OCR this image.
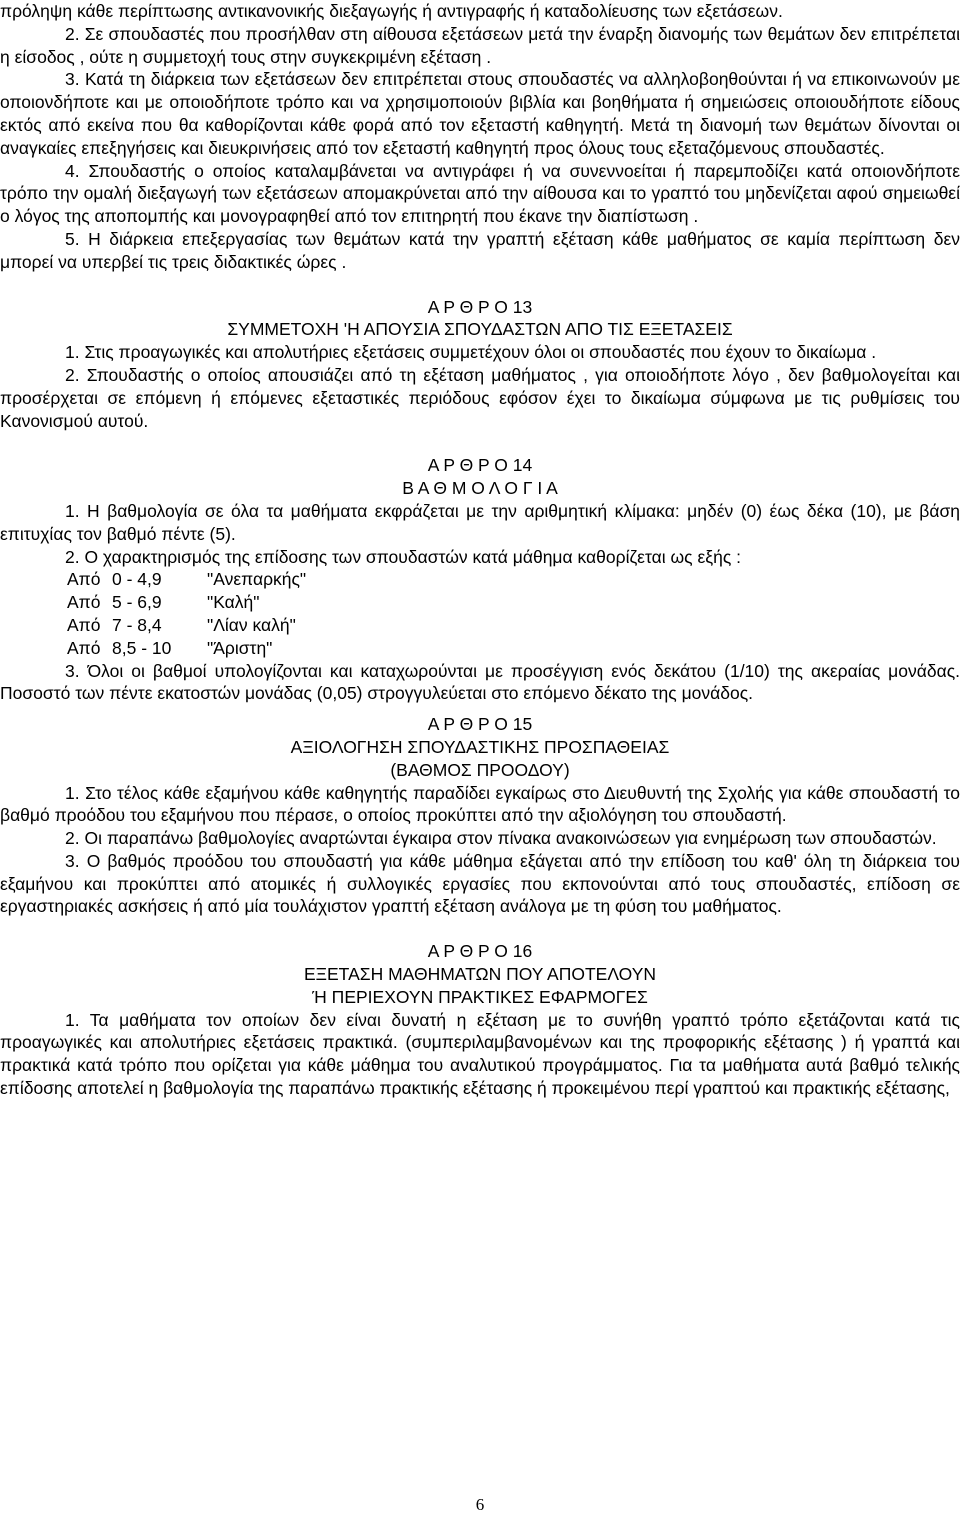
πρόληψη κάθε περίπτωσης αντικανονικής διεξαγωγής ή αντιγραφής ή καταδολίευσης των εξετάσεων.

2. Σε σπουδαστές που προσήλθαν στη αίθουσα εξετάσεων μετά την έναρξη διανομής των θεμάτων δεν επιτρέπεται η είσοδος , ούτε η συμμετοχή τους στην συγκεκριμένη εξέταση .

3. Κατά τη διάρκεια των εξετάσεων δεν επιτρέπεται στους σπουδαστές να αλληλοβοηθούνται ή να επικοινωνούν με οποιονδήποτε και με οποιοδήποτε τρόπο και να χρησιμοποιούν βιβλία και βοηθήματα ή σημειώσεις οποιουδήποτε είδους εκτός από εκείνα που θα καθορίζονται κάθε φορά από τον εξεταστή καθηγητή. Μετά τη διανομή των θεμάτων δίνονται οι αναγκαίες επεξηγήσεις και διευκρινήσεις από τον εξεταστή καθηγητή προς όλους τους εξεταζόμενους σπουδαστές.

4. Σπουδαστής ο οποίος καταλαμβάνεται να αντιγράφει ή να συνεννοείται ή παρεμποδίζει κατά οποιονδήποτε τρόπο την ομαλή διεξαγωγή των εξετάσεων απομακρύνεται από την αίθουσα και το γραπτό του μηδενίζεται αφού σημειωθεί ο λόγος της αποπομπής και μονογραφηθεί από τον επιτηρητή που έκανε την διαπίστωση .

5. Η διάρκεια επεξεργασίας των θεμάτων κατά την γραπτή εξέταση κάθε μαθήματος σε καμία περίπτωση δεν μπορεί να υπερβεί τις τρεις διδακτικές ώρες .

Α Ρ Θ Ρ Ο 13

ΣΥΜΜΕΤΟΧΗ 'Η ΑΠΟΥΣΙΑ ΣΠΟΥΔΑΣΤΩΝ ΑΠΟ ΤΙΣ ΕΞΕΤΑΣΕΙΣ

1. Στις προαγωγικές και απολυτήριες εξετάσεις συμμετέχουν όλοι οι σπουδαστές που έχουν το δικαίωμα .

2. Σπουδαστής ο οποίος απουσιάζει από τη εξέταση μαθήματος , για οποιοδήποτε λόγο , δεν βαθμολογείται και προσέρχεται σε επόμενη ή επόμενες εξεταστικές περιόδους εφόσον έχει το δικαίωμα σύμφωνα με τις ρυθμίσεις του Κανονισμού αυτού.

Α Ρ Θ Ρ Ο 14

Β Α Θ Μ Ο Λ Ο Γ Ι Α

1. Η βαθμολογία σε όλα τα μαθήματα εκφράζεται με την αριθμητική κλίμακα: μηδέν (0) έως δέκα (10), με βάση επιτυχίας τον βαθμό πέντε (5).

2. Ο χαρακτηρισμός της επίδοσης των σπουδαστών κατά μάθημα καθορίζεται ως εξής :

Από 0 - 4,9	"Ανεπαρκής"

Από 5 - 6,9	"Καλή"

Από 7 - 8,4	"Λίαν καλή"

Από 8,5 - 10 "Άριστη"

3. Όλοι οι βαθμοί υπολογίζονται και καταχωρούνται με προσέγγιση ενός δεκάτου (1/10) της ακεραίας μονάδας. Ποσοστό των πέντε εκατοστών μονάδας (0,05) στρογγυλεύεται στο επόμενο δέκατο της μονάδος.

Α Ρ Θ Ρ Ο 15

ΑΞΙΟΛΟΓΗΣΗ ΣΠΟΥΔΑΣΤΙΚΗΣ ΠΡΟΣΠΑΘΕΙΑΣ

(ΒΑΘΜΟΣ ΠΡΟΟΔΟΥ)

1. Στο τέλος κάθε εξαμήνου κάθε καθηγητής παραδίδει εγκαίρως στο Διευθυντή της Σχολής για κάθε σπουδαστή το βαθμό προόδου του εξαμήνου που πέρασε, ο οποίος προκύπτει από την αξιολόγηση του σπουδαστή.

2. Οι παραπάνω βαθμολογίες αναρτώνται έγκαιρα στον πίνακα ανακοινώσεων για ενημέρωση των σπουδαστών.

3. Ο βαθμός προόδου του σπουδαστή για κάθε μάθημα εξάγεται από την επίδοση του καθ' όλη τη διάρκεια του εξαμήνου και προκύπτει από ατομικές ή συλλογικές εργασίες που εκπονούνται από τους σπουδαστές, επίδοση σε εργαστηριακές ασκήσεις ή από μία τουλάχιστον γραπτή εξέταση ανάλογα με τη φύση του μαθήματος.

Α Ρ Θ Ρ Ο 16

ΕΞΕΤΑΣΗ ΜΑΘΗΜΑΤΩΝ ΠΟΥ ΑΠΟΤΕΛΟΥΝ

Ή ΠΕΡΙΕΧΟΥΝ ΠΡΑΚΤΙΚΕΣ ΕΦΑΡΜΟΓΕΣ

1. Τα μαθήματα τον οποίων δεν είναι δυνατή η εξέταση με το συνήθη γραπτό τρόπο εξετάζονται κατά τις προαγωγικές και απολυτήριες εξετάσεις πρακτικά. (συμπεριλαμβανομένων και της προφορικής εξέτασης ) ή γραπτά και πρακτικά κατά τρόπο που ορίζεται για κάθε μάθημα του αναλυτικού προγράμματος. Για τα μαθήματα αυτά βαθμό τελικής επίδοσης αποτελεί η βαθμολογία της παραπάνω πρακτικής εξέτασης ή προκειμένου περί γραπτού και πρακτικής εξέτασης,

6
